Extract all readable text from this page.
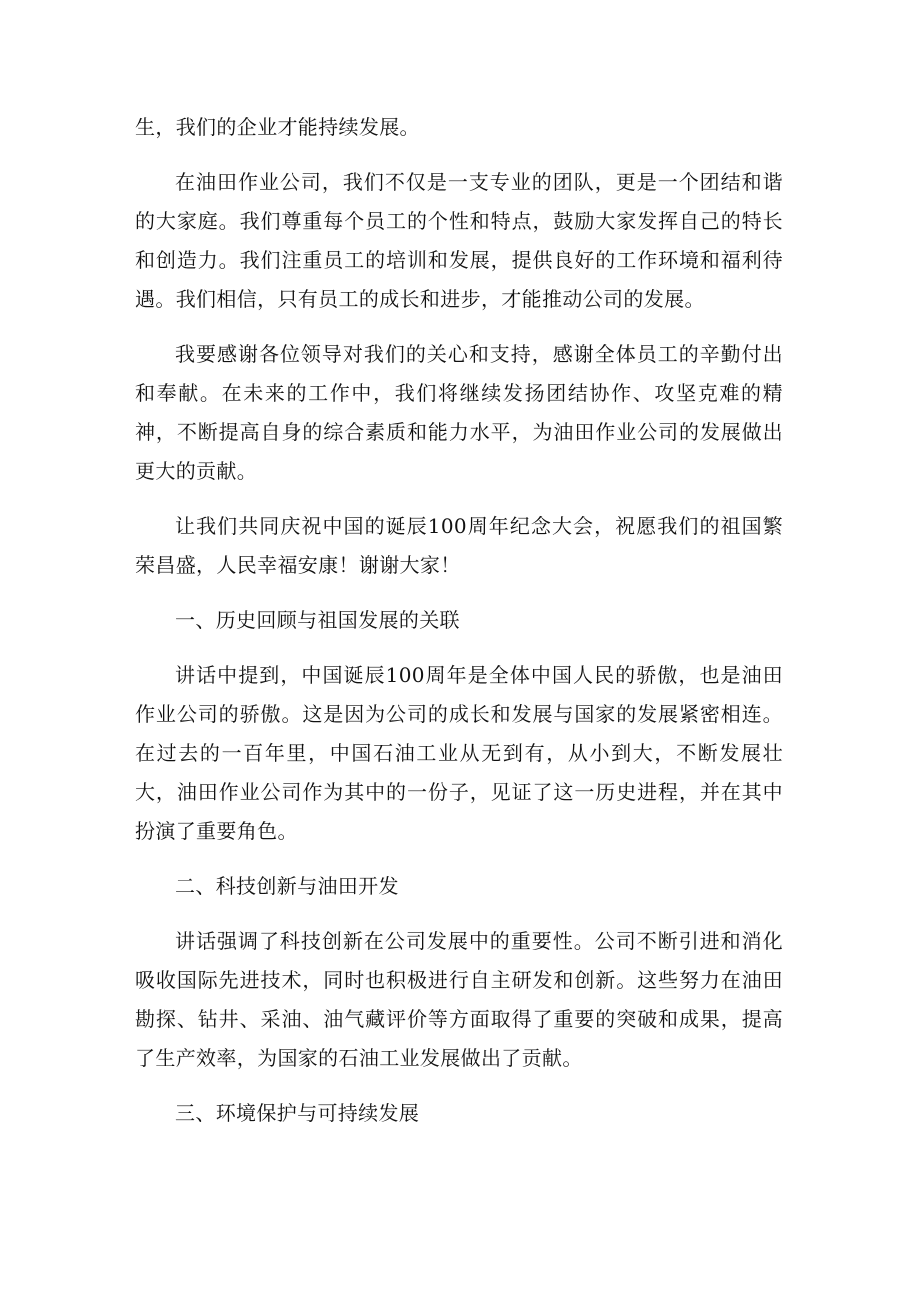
生，我们的企业才能持续发展。

在油田作业公司，我们不仅是一支专业的团队，更是一个团结和谐的大家庭。我们尊重每个员工的个性和特点，鼓励大家发挥自己的特长和创造力。我们注重员工的培训和发展，提供良好的工作环境和福利待遇。我们相信，只有员工的成长和进步，才能推动公司的发展。

我要感谢各位领导对我们的关心和支持，感谢全体员工的辛勤付出和奉献。在未来的工作中，我们将继续发扬团结协作、攻坚克难的精神，不断提高自身的综合素质和能力水平，为油田作业公司的发展做出更大的贡献。

让我们共同庆祝中国的诞辰100周年纪念大会，祝愿我们的祖国繁荣昌盛，人民幸福安康！谢谢大家！

一、历史回顾与祖国发展的关联

讲话中提到，中国诞辰100周年是全体中国人民的骄傲，也是油田作业公司的骄傲。这是因为公司的成长和发展与国家的发展紧密相连。在过去的一百年里，中国石油工业从无到有，从小到大，不断发展壮大，油田作业公司作为其中的一份子，见证了这一历史进程，并在其中扮演了重要角色。

二、科技创新与油田开发

讲话强调了科技创新在公司发展中的重要性。公司不断引进和消化吸收国际先进技术，同时也积极进行自主研发和创新。这些努力在油田勘探、钻井、采油、油气藏评价等方面取得了重要的突破和成果，提高了生产效率，为国家的石油工业发展做出了贡献。

三、环境保护与可持续发展
